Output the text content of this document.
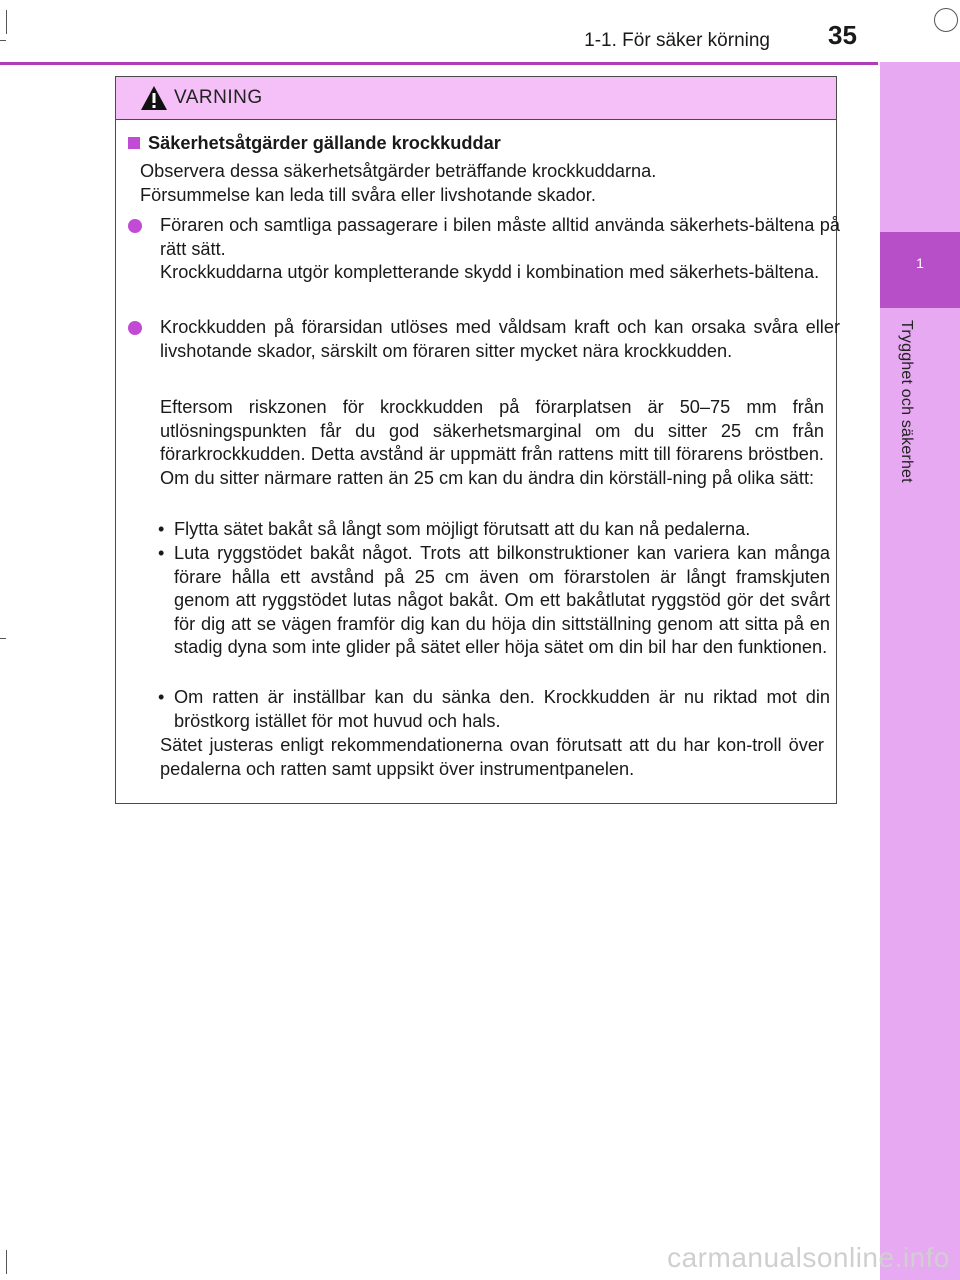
1-1. För säker körning 35
1
Trygghet och säkerhet
VARNING
Säkerhetsåtgärder gällande krockkuddar
Observera dessa säkerhetsåtgärder beträffande krockkuddarna. Försummelse kan leda till svåra eller livshotande skador.
Föraren och samtliga passagerare i bilen måste alltid använda säkerhets-bältena på rätt sätt.
Krockkuddarna utgör kompletterande skydd i kombination med säkerhets-bältena.
Krockkudden på förarsidan utlöses med våldsam kraft och kan orsaka svåra eller livshotande skador, särskilt om föraren sitter mycket nära krockkudden.
Eftersom riskzonen för krockkudden på förarplatsen är 50–75 mm från utlösningspunkten får du god säkerhetsmarginal om du sitter 25 cm från förarkrockkudden. Detta avstånd är uppmätt från rattens mitt till förarens bröstben. Om du sitter närmare ratten än 25 cm kan du ändra din körställ-ning på olika sätt:
• Flytta sätet bakåt så långt som möjligt förutsatt att du kan nå pedalerna.
• Luta ryggstödet bakåt något. Trots att bilkonstruktioner kan variera kan många förare hålla ett avstånd på 25 cm även om förarstolen är långt framskjuten genom att ryggstödet lutas något bakåt. Om ett bakåtlutat ryggstöd gör det svårt för dig att se vägen framför dig kan du höja din sittställning genom att sitta på en stadig dyna som inte glider på sätet eller höja sätet om din bil har den funktionen.
• Om ratten är inställbar kan du sänka den. Krockkudden är nu riktad mot din bröstkorg istället för mot huvud och hals.
Sätet justeras enligt rekommendationerna ovan förutsatt att du har kon-troll över pedalerna och ratten samt uppsikt över instrumentpanelen.
carmanualsonline.info
